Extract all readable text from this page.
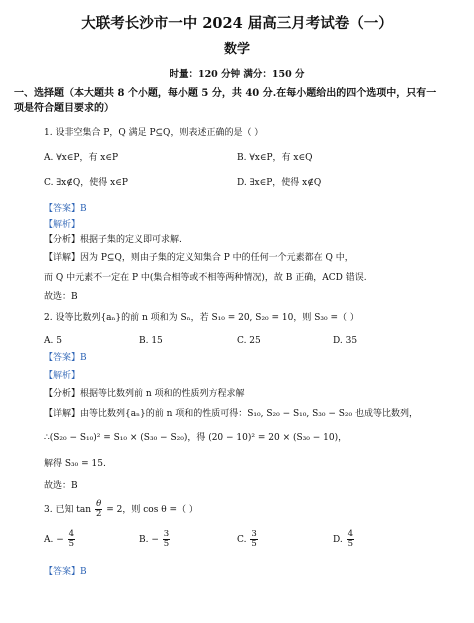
大联考长沙市一中 2024 届高三月考试卷（一）
数学
时量：120 分钟 满分：150 分
一、选择题（本大题共 8 个小题，每小题 5 分，共 40 分.在每小题给出的四个选项中，只有一
项是符合题目要求的）
1. 设非空集合 P，Q 满足 P⊆Q，则表述正确的是（ ）
A. ∀x∈P，有 x∈P	B. ∀x∈P，有 x∈Q
C. ∃x∉Q，使得 x∈P	D. ∃x∈P，使得 x∉Q
【答案】B
【解析】
【分析】根据子集的定义即可求解.
【详解】因为 P⊆Q，则由子集的定义知集合 P 中的任何一个元素都在 Q 中，
而 Q 中元素不一定在 P 中(集合相等或不相等两种情况)，故 B 正确，ACD 错误.
故选：B
2. 设等比数列{aₙ}的前 n 项和为 Sₙ，若 S₁₀ = 20, S₂₀ = 10，则 S₃₀ =（ ）
A. 5	B. 15	C. 25	D. 35
【答案】B
【解析】
【分析】根据等比数列前 n 项和的性质列方程求解
【详解】由等比数列{aₙ}的前 n 项和的性质可得：S₁₀, S₂₀ − S₁₀, S₃₀ − S₂₀ 也成等比数列，
∴(S₂₀ − S₁₀)² = S₁₀ × (S₃₀ − S₂₀)，得 (20 − 10)² = 20 × (S₃₀ − 10)，
解得 S₃₀ = 15.
故选：B
3. 已知 $\tan \frac{\theta}{2} = 2$，则 cos θ =（ ）
A. − $\frac{4}{5}$	B. − $\frac{3}{5}$	C. $\frac{3}{5}$	D. $\frac{4}{5}$
【答案】B
